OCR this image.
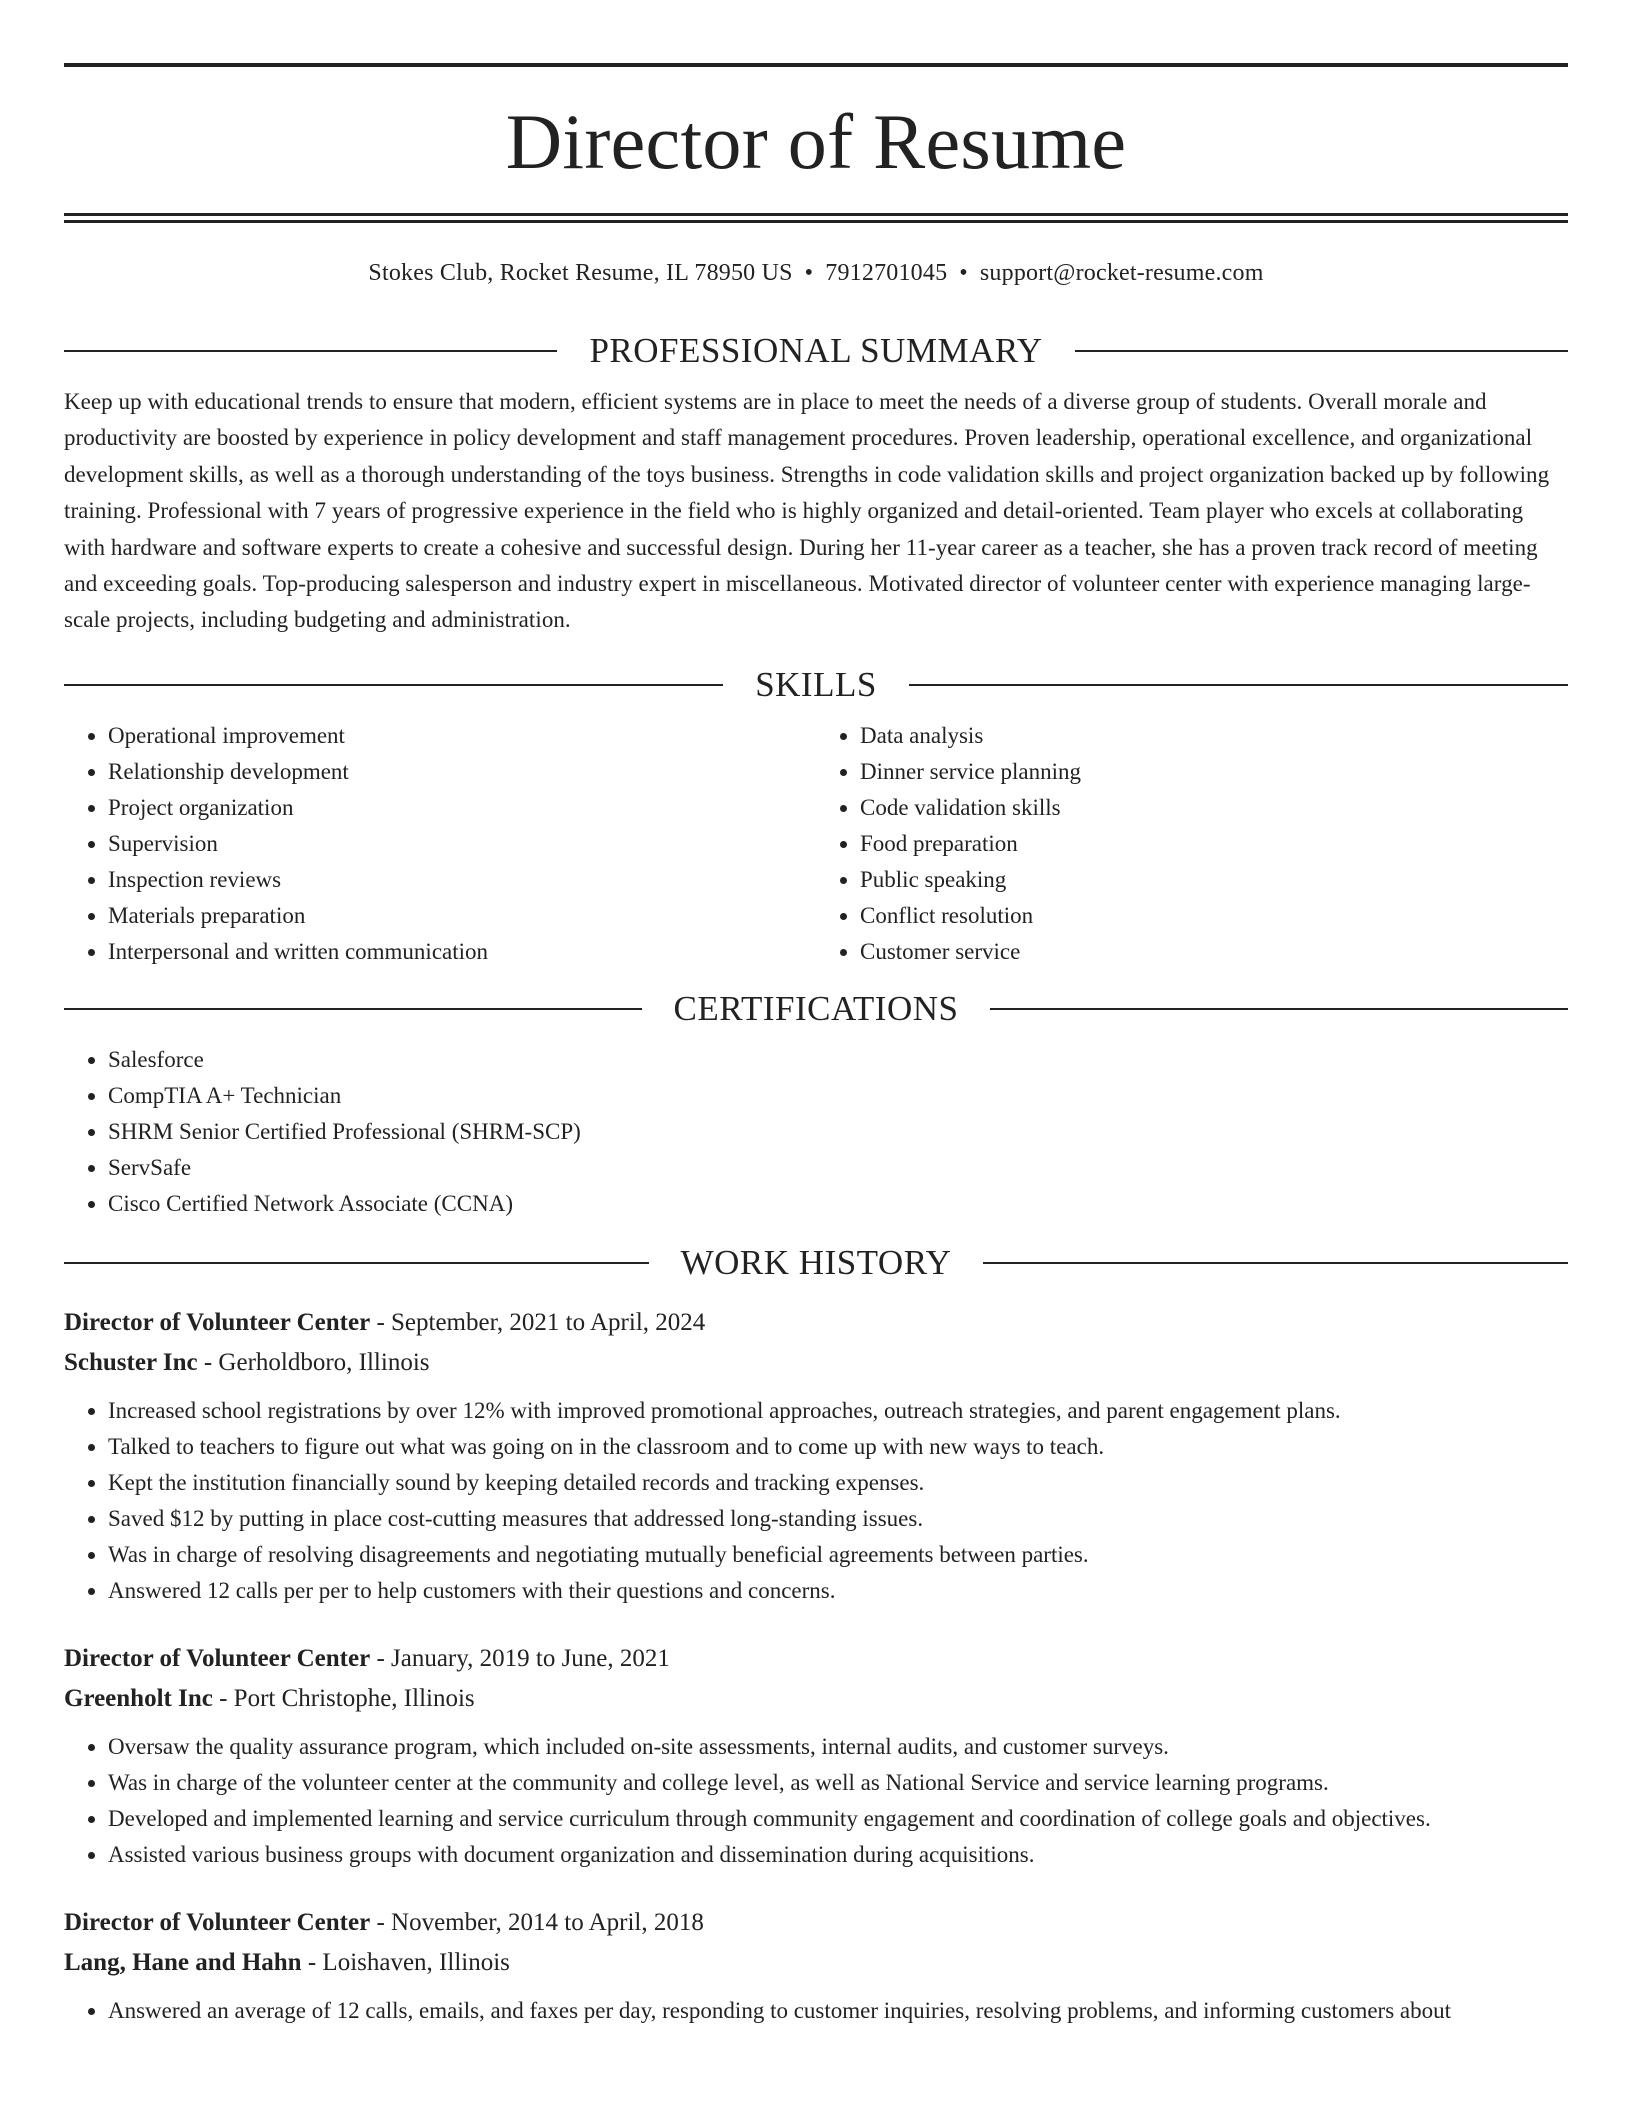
Director of Resume
Stokes Club, Rocket Resume, IL 78950 US • 7912701045 • support@rocket-resume.com
PROFESSIONAL SUMMARY
Keep up with educational trends to ensure that modern, efficient systems are in place to meet the needs of a diverse group of students. Overall morale and productivity are boosted by experience in policy development and staff management procedures. Proven leadership, operational excellence, and organizational development skills, as well as a thorough understanding of the toys business. Strengths in code validation skills and project organization backed up by following training. Professional with 7 years of progressive experience in the field who is highly organized and detail-oriented. Team player who excels at collaborating with hardware and software experts to create a cohesive and successful design. During her 11-year career as a teacher, she has a proven track record of meeting and exceeding goals. Top-producing salesperson and industry expert in miscellaneous. Motivated director of volunteer center with experience managing large-scale projects, including budgeting and administration.
SKILLS
• Operational improvement
• Relationship development
• Project organization
• Supervision
• Inspection reviews
• Materials preparation
• Interpersonal and written communication
• Data analysis
• Dinner service planning
• Code validation skills
• Food preparation
• Public speaking
• Conflict resolution
• Customer service
CERTIFICATIONS
• Salesforce
• CompTIA A+ Technician
• SHRM Senior Certified Professional (SHRM-SCP)
• ServSafe
• Cisco Certified Network Associate (CCNA)
WORK HISTORY
Director of Volunteer Center - September, 2021 to April, 2024
Schuster Inc - Gerholdboro, Illinois
• Increased school registrations by over 12% with improved promotional approaches, outreach strategies, and parent engagement plans.
• Talked to teachers to figure out what was going on in the classroom and to come up with new ways to teach.
• Kept the institution financially sound by keeping detailed records and tracking expenses.
• Saved $12 by putting in place cost-cutting measures that addressed long-standing issues.
• Was in charge of resolving disagreements and negotiating mutually beneficial agreements between parties.
• Answered 12 calls per per to help customers with their questions and concerns.
Director of Volunteer Center - January, 2019 to June, 2021
Greenholt Inc - Port Christophe, Illinois
• Oversaw the quality assurance program, which included on-site assessments, internal audits, and customer surveys.
• Was in charge of the volunteer center at the community and college level, as well as National Service and service learning programs.
• Developed and implemented learning and service curriculum through community engagement and coordination of college goals and objectives.
• Assisted various business groups with document organization and dissemination during acquisitions.
Director of Volunteer Center - November, 2014 to April, 2018
Lang, Hane and Hahn - Loishaven, Illinois
• Answered an average of 12 calls, emails, and faxes per day, responding to customer inquiries, resolving problems, and informing customers about
